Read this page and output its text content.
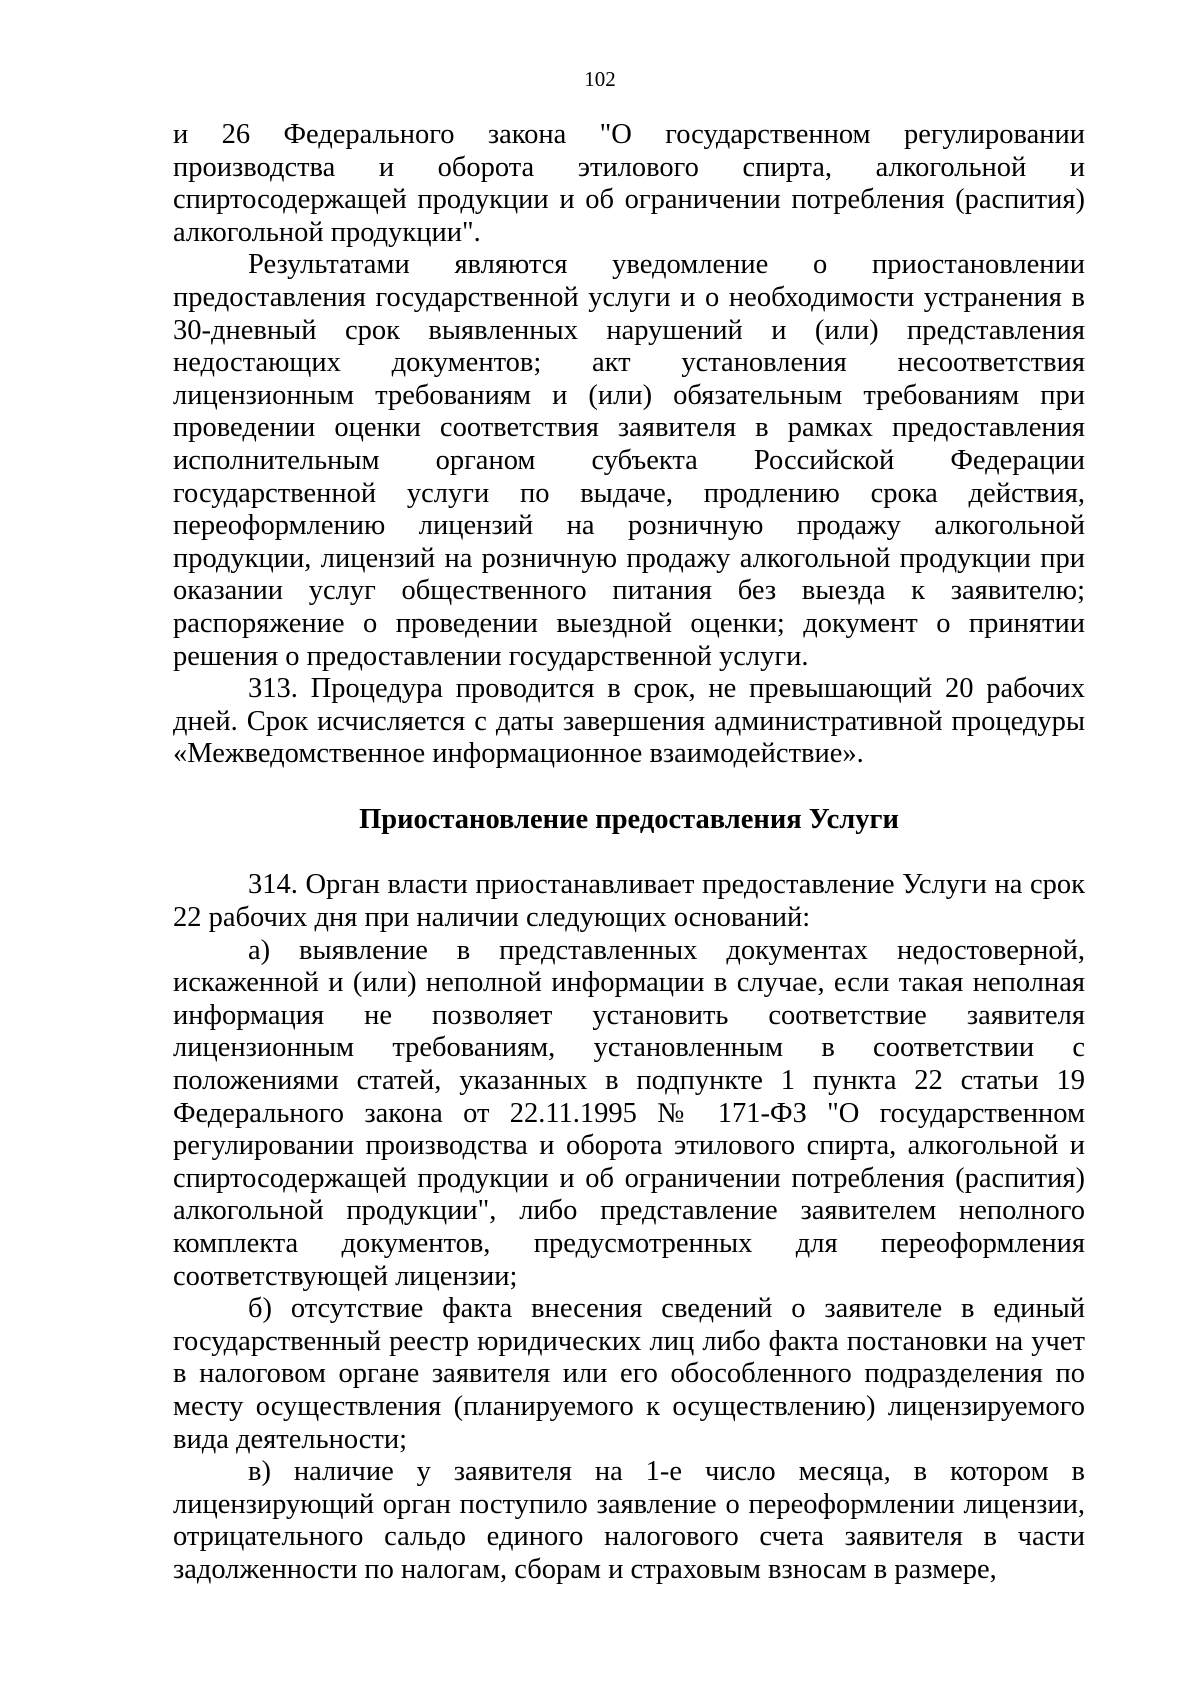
102

и 26 Федерального закона "О государственном регулировании производства и оборота этилового спирта, алкогольной и спиртосодержащей продукции и об ограничении потребления (распития) алкогольной продукции".

Результатами являются уведомление о приостановлении предоставления государственной услуги и о необходимости устранения в 30-дневный срок выявленных нарушений и (или) представления недостающих документов; акт установления несоответствия лицензионным требованиям и (или) обязательным требованиям при проведении оценки соответствия заявителя в рамках предоставления исполнительным органом субъекта Российской Федерации государственной услуги по выдаче, продлению срока действия, переоформлению лицензий на розничную продажу алкогольной продукции, лицензий на розничную продажу алкогольной продукции при оказании услуг общественного питания без выезда к заявителю; распоряжение о проведении выездной оценки; документ о принятии решения о предоставлении государственной услуги.

313. Процедура проводится в срок, не превышающий 20 рабочих дней. Срок исчисляется с даты завершения административной процедуры «Межведомственное информационное взаимодействие».

Приостановление предоставления Услуги

314. Орган власти приостанавливает предоставление Услуги на срок 22 рабочих дня при наличии следующих оснований:

а) выявление в представленных документах недостоверной, искаженной и (или) неполной информации в случае, если такая неполная информация не позволяет установить соответствие заявителя лицензионным требованиям, установленным в соответствии с положениями статей, указанных в подпункте 1 пункта 22 статьи 19 Федерального закона от 22.11.1995 № 171-ФЗ "О государственном регулировании производства и оборота этилового спирта, алкогольной и спиртосодержащей продукции и об ограничении потребления (распития) алкогольной продукции", либо представление заявителем неполного комплекта документов, предусмотренных для переоформления соответствующей лицензии;

б) отсутствие факта внесения сведений о заявителе в единый государственный реестр юридических лиц либо факта постановки на учет в налоговом органе заявителя или его обособленного подразделения по месту осуществления (планируемого к осуществлению) лицензируемого вида деятельности;

в) наличие у заявителя на 1-е число месяца, в котором в лицензирующий орган поступило заявление о переоформлении лицензии, отрицательного сальдо единого налогового счета заявителя в части задолженности по налогам, сборам и страховым взносам в размере,
